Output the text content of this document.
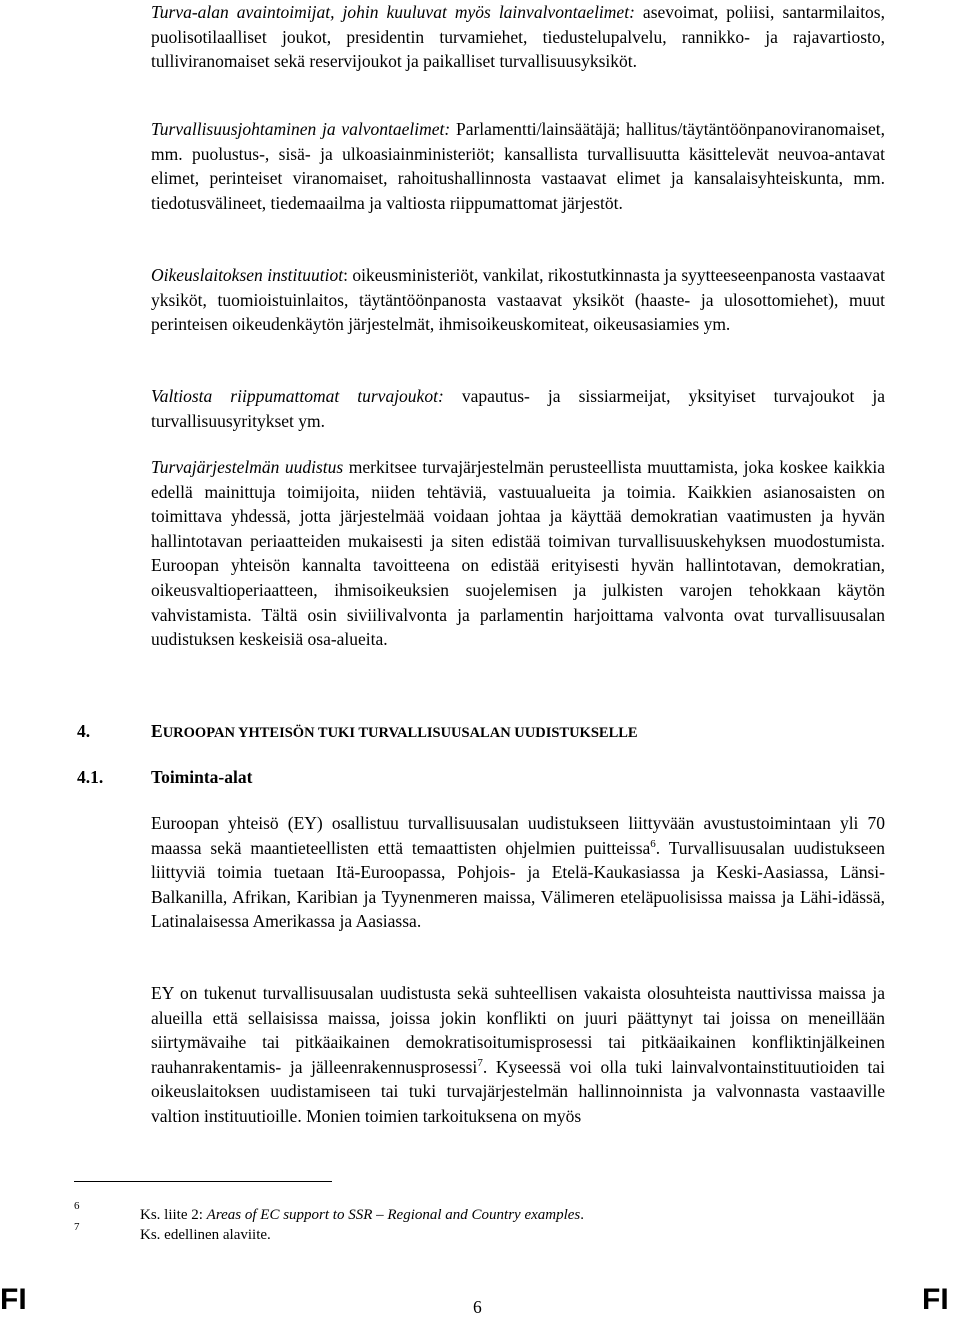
Turva-alan avaintoimijat, johin kuuluvat myös lainvalvontaelimet: asevoimat, poliisi, santarmilaitos, puolisotilaalliset joukot, presidentin turvamiehet, tiedustelupalvelu, rannikko- ja rajavartiosto, tulliviranomaiset sekä reservijoukot ja paikalliset turvallisuusyksiköt.

Turvallisuusjohtaminen ja valvontaelimet: Parlamentti/lainsäätäjä; hallitus/täytäntöönpanoviranomaiset, mm. puolustus-, sisä- ja ulkoasiainministeriöt; kansallista turvallisuutta käsittelevät neuvoa-antavat elimet, perinteiset viranomaiset, rahoitushallinnosta vastaavat elimet ja kansalaisyhteiskunta, mm. tiedotusvälineet, tiedemaailma ja valtiosta riippumattomat järjestöt.

Oikeuslaitoksen instituutiot: oikeusministeriöt, vankilat, rikostutkinnasta ja syytteeseenpanosta vastaavat yksiköt, tuomioistuinlaitos, täytäntöönpanosta vastaavat yksiköt (haaste- ja ulosottomiehet), muut perinteisen oikeudenkäytön järjestelmät, ihmisoikeuskomiteat, oikeusasiamies ym.

Valtiosta riippumattomat turvajoukot: vapautus- ja sissiarmeijat, yksityiset turvajoukot ja turvallisuusyritykset ym.

Turvajärjestelmän uudistus merkitsee turvajärjestelmän perusteellista muuttamista, joka koskee kaikkia edellä mainittuja toimijoita, niiden tehtäviä, vastuualueita ja toimia. Kaikkien asianosaisten on toimittava yhdessä, jotta järjestelmää voidaan johtaa ja käyttää demokratian vaatimusten ja hyvän hallintotavan periaatteiden mukaisesti ja siten edistää toimivan turvallisuuskehyksen muodostumista. Euroopan yhteisön kannalta tavoitteena on edistää erityisesti hyvän hallintotavan, demokratian, oikeusvaltioperiaatteen, ihmisoikeuksien suojelemisen ja julkisten varojen tehokkaan käytön vahvistamista. Tältä osin siviilivalvonta ja parlamentin harjoittama valvonta ovat turvallisuusalan uudistuksen keskeisiä osa-alueita.

4.	EUROOPAN YHTEISÖN TUKI TURVALLISUUSALAN UUDISTUKSELLE
4.1.	Toiminta-alat

Euroopan yhteisö (EY) osallistuu turvallisuusalan uudistukseen liittyvään avustustoimintaan yli 70 maassa sekä maantieteellisten että temaattisten ohjelmien puitteissa$^6$. Turvallisuusalan uudistukseen liittyviä toimia tuetaan Itä-Euroopassa, Pohjois- ja Etelä-Kaukasiassa ja Keski-Aasiassa, Länsi-Balkanilla, Afrikan, Karibian ja Tyynenmeren maissa, Välimeren eteläpuolisissa maissa ja Lähi-idässä, Latinalaisessa Amerikassa ja Aasiassa.

EY on tukenut turvallisuusalan uudistusta sekä suhteellisen vakaista olosuhteista nauttivissa maissa ja alueilla että sellaisissa maissa, joissa jokin konflikti on juuri päättynyt tai joissa on meneillään siirtymävaihe tai pitkäaikainen demokratisoitumisprosessi tai pitkäaikainen konfliktinjälkeinen rauhanrakentamis- ja jälleenrakennusprosessi$^7$. Kyseessä voi olla tuki lainvalvontainstituutioiden tai oikeuslaitoksen uudistamiseen tai tuki turvajärjestelmän hallinnoinnista ja valvonnasta vastaaville valtion instituutioille. Monien toimien tarkoituksena on myös

6
Ks. liite 2: Areas of EC support to SSR – Regional and Country examples.
7	Ks. edellinen alaviite.
FI	6	FI
